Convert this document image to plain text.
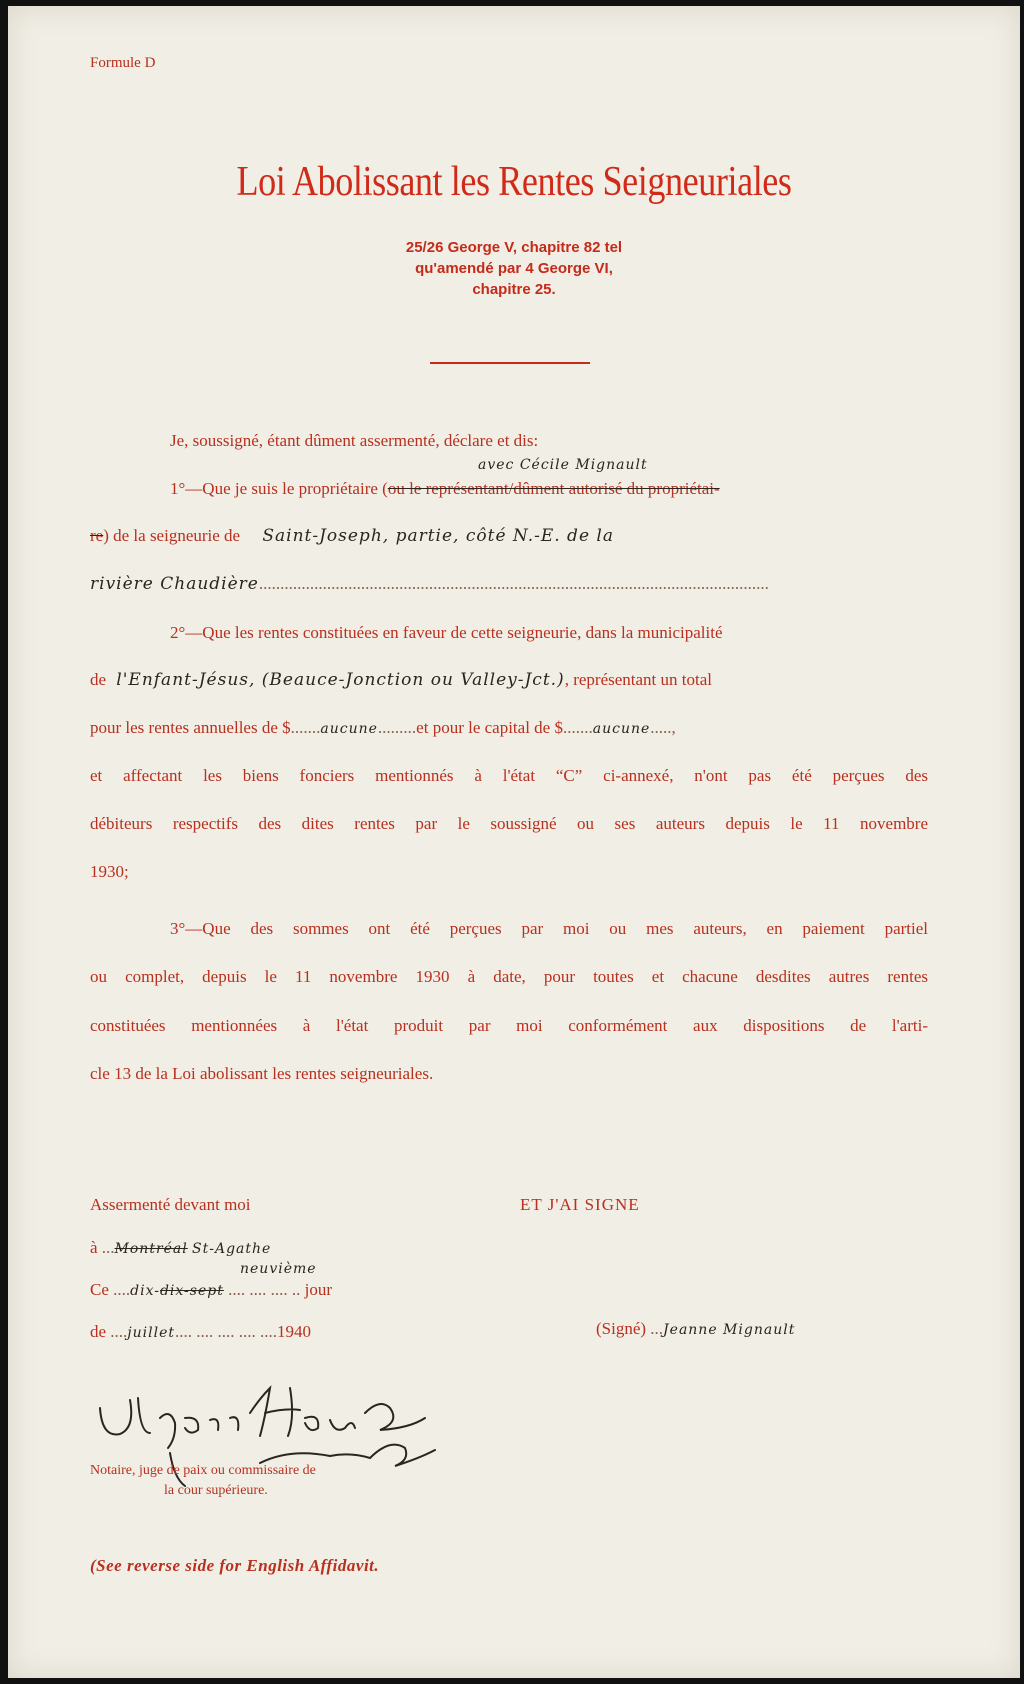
Formule D
Loi Abolissant les Rentes Seigneuriales
25/26 George V, chapitre 82 tel
qu'amendé par 4 George VI,
chapitre 25.
Je, soussigné, étant dûment assermenté, déclare et dis:
avec Cécile Mignault
1°—Que je suis le propriétaire (ou le représentant/dûment autorisé du propriétai-
re) de la seigneurie de Saint-Joseph, partie, côté N.-E. de la
rivière Chaudière........................................................................................................................
2°—Que les rentes constituées en faveur de cette seigneurie, dans la municipalité
de l'Enfant-Jésus, (Beauce-Jonction ou Valley-Jct.), représentant un total
pour les rentes annuelles de $.......aucune.........et pour le capital de $.......aucune.....,
et affectant les biens fonciers mentionnés à l'état “C” ci-annexé, n'ont pas été perçues des
débiteurs respectifs des dites rentes par le soussigné ou ses auteurs depuis le 11 novembre
1930;
3°—Que des sommes ont été perçues par moi ou mes auteurs, en paiement partiel
ou complet, depuis le 11 novembre 1930 à date, pour toutes et chacune desdites autres rentes
constituées mentionnées à l'état produit par moi conformément aux dispositions de l'arti-
cle 13 de la Loi abolissant les rentes seigneuriales.
Assermenté devant moi
à ...Montréal St-Agathe
neuvième
Ce ....dix-dix-sept .... .... .... .. jour
de ....juillet.... .... .... .... ....1940
Notaire, juge de paix ou commissaire de
la cour supérieure.
ET J'AI SIGNE
(Signé) ...Jeanne Mignault
(See reverse side for English Affidavit.
